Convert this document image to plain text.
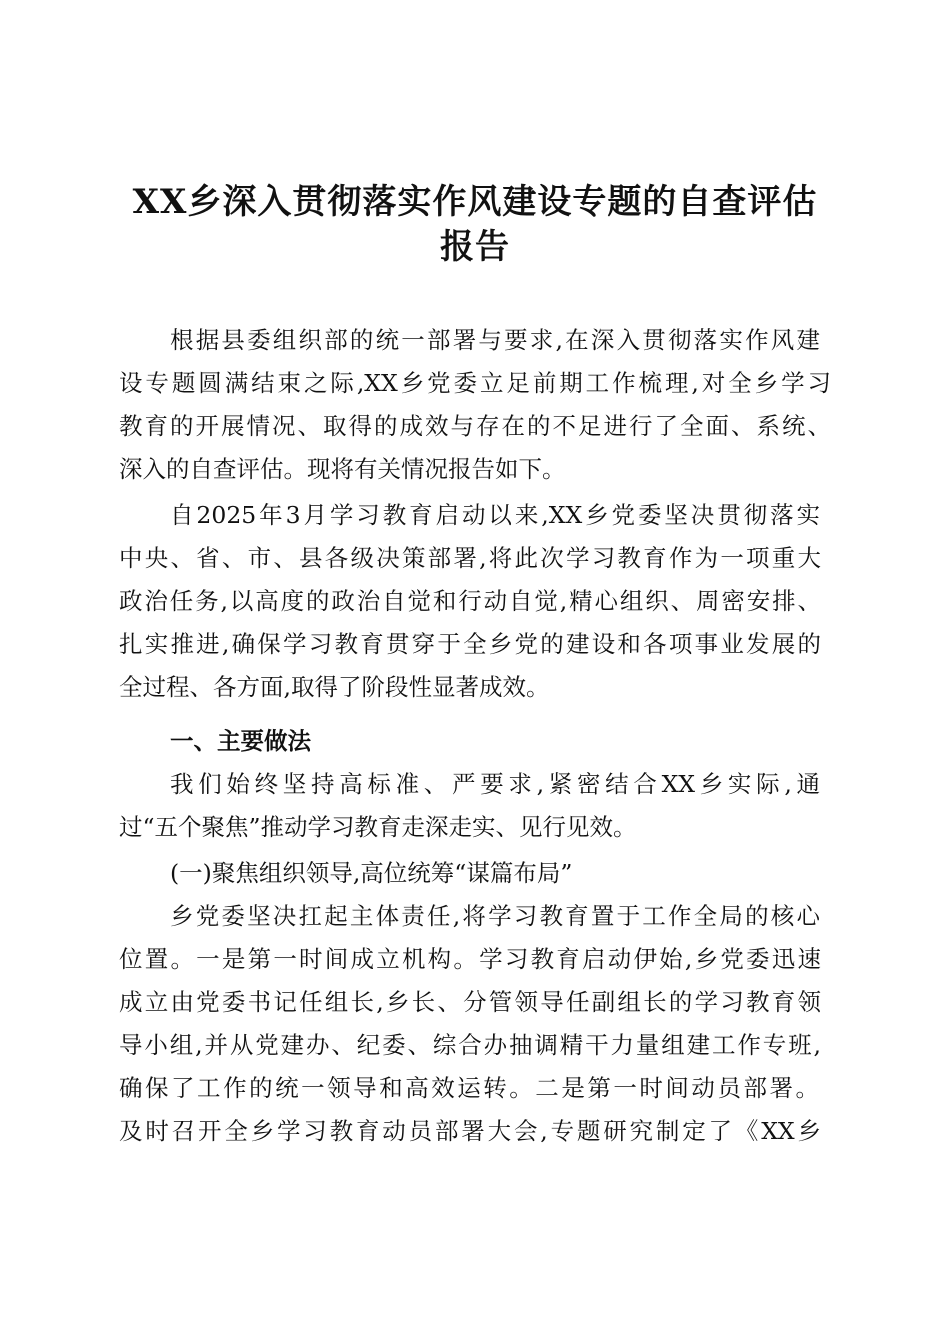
XX乡深入贯彻落实作风建设专题的自查评估
报告

根据县委组织部的统一部署与要求,在深入贯彻落实作风建

设专题圆满结束之际,XX乡党委立足前期工作梳理,对全乡学习

教育的开展情况、取得的成效与存在的不足进行了全面、系统、

深入的自查评估。现将有关情况报告如下。

自2025年3月学习教育启动以来,XX乡党委坚决贯彻落实

中央、省、市、县各级决策部署,将此次学习教育作为一项重大

政治任务,以高度的政治自觉和行动自觉,精心组织、周密安排、

扎实推进,确保学习教育贯穿于全乡党的建设和各项事业发展的

全过程、各方面,取得了阶段性显著成效。

一、主要做法

我们始终坚持高标准、严要求,紧密结合XX乡实际,通

过“五个聚焦”推动学习教育走深走实、见行见效。

(一)聚焦组织领导,高位统筹“谋篇布局”

乡党委坚决扛起主体责任,将学习教育置于工作全局的核心

位置。一是第一时间成立机构。学习教育启动伊始,乡党委迅速

成立由党委书记任组长,乡长、分管领导任副组长的学习教育领

导小组,并从党建办、纪委、综合办抽调精干力量组建工作专班,

确保了工作的统一领导和高效运转。二是第一时间动员部署。

及时召开全乡学习教育动员部署大会,专题研究制定了《XX乡
